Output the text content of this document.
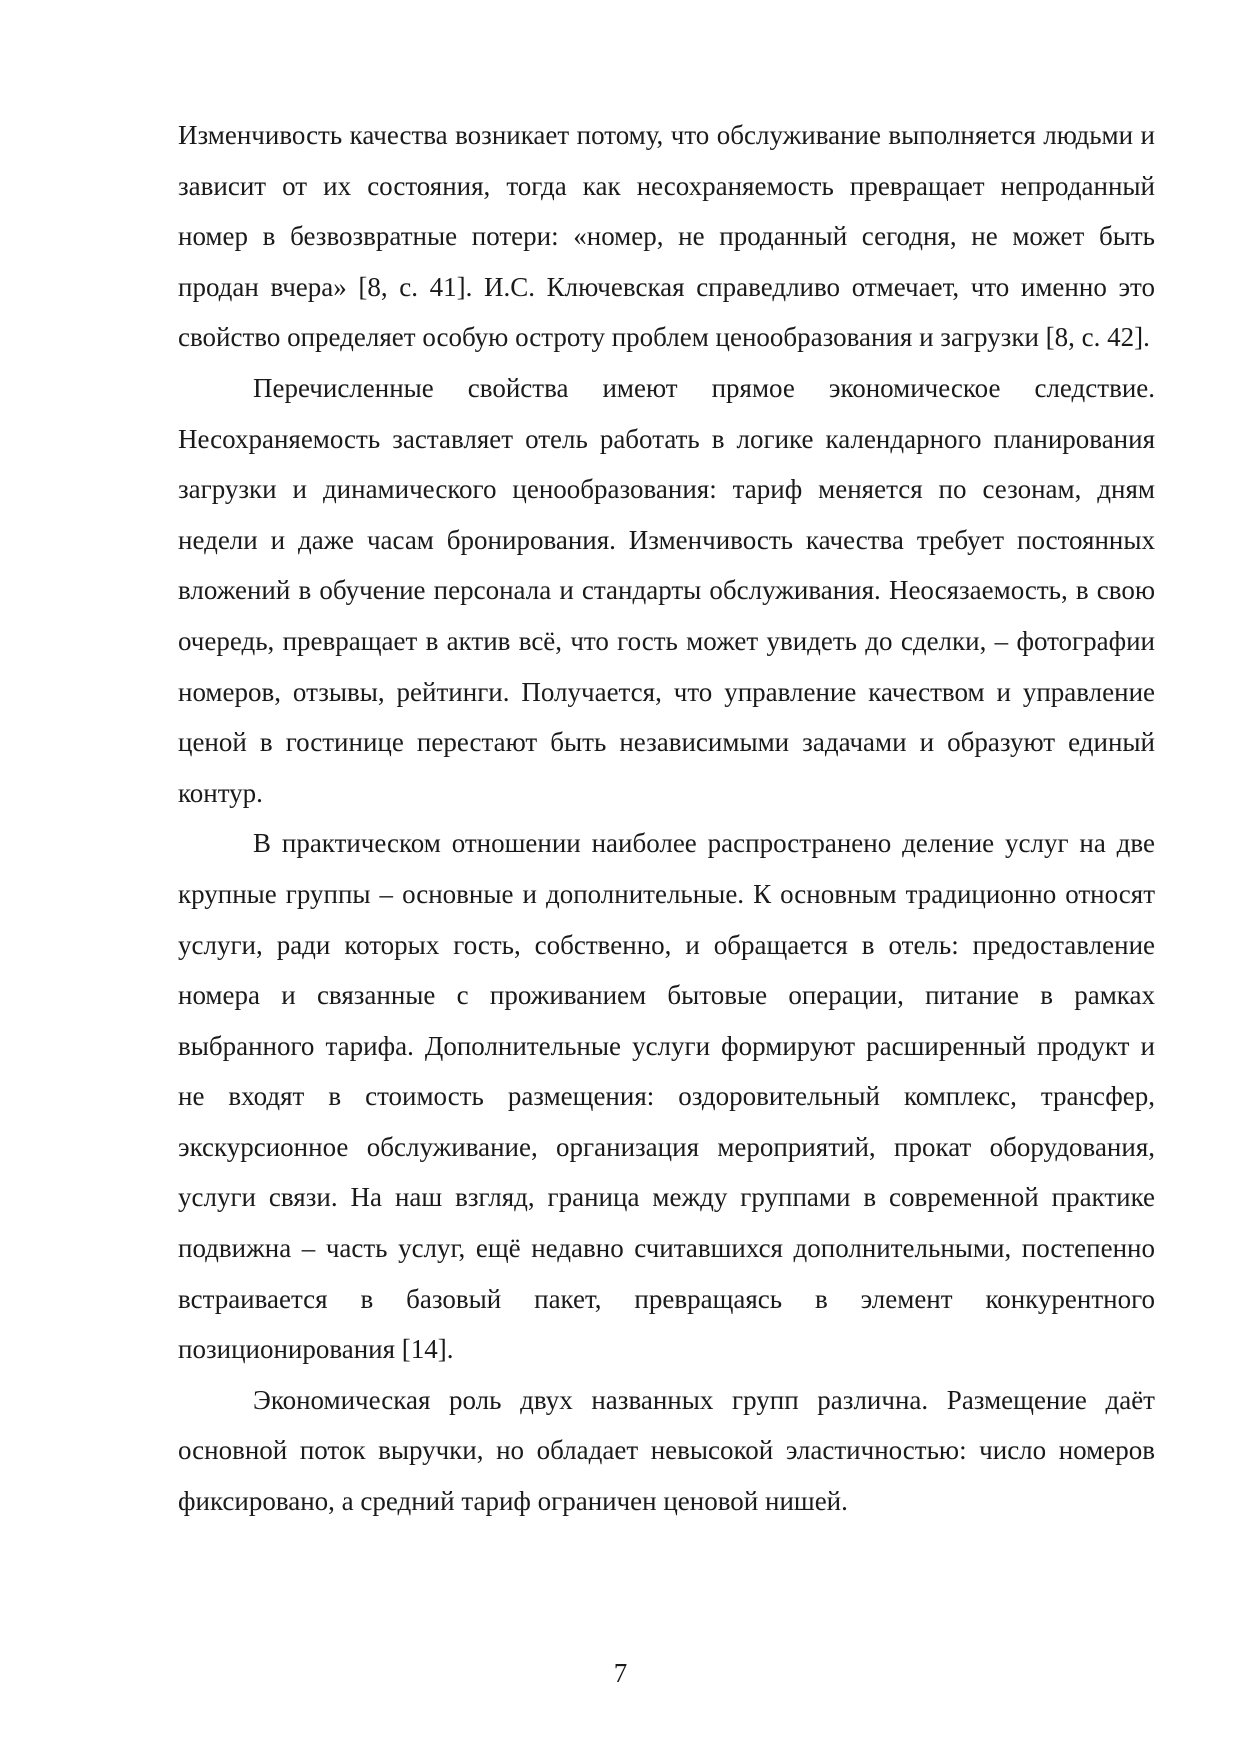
Изменчивость качества возникает потому, что обслуживание выполняется людьми и зависит от их состояния, тогда как несохраняемость превращает непроданный номер в безвозвратные потери: «номер, не проданный сегодня, не может быть продан вчера» [8, с. 41]. И.С. Ключевская справедливо отмечает, что именно это свойство определяет особую остроту проблем ценообразования и загрузки [8, с. 42].

Перечисленные свойства имеют прямое экономическое следствие. Несохраняемость заставляет отель работать в логике календарного планирования загрузки и динамического ценообразования: тариф меняется по сезонам, дням недели и даже часам бронирования. Изменчивость качества требует постоянных вложений в обучение персонала и стандарты обслуживания. Неосязаемость, в свою очередь, превращает в актив всё, что гость может увидеть до сделки, – фотографии номеров, отзывы, рейтинги. Получается, что управление качеством и управление ценой в гостинице перестают быть независимыми задачами и образуют единый контур.

В практическом отношении наиболее распространено деление услуг на две крупные группы – основные и дополнительные. К основным традиционно относят услуги, ради которых гость, собственно, и обращается в отель: предоставление номера и связанные с проживанием бытовые операции, питание в рамках выбранного тарифа. Дополнительные услуги формируют расширенный продукт и не входят в стоимость размещения: оздоровительный комплекс, трансфер, экскурсионное обслуживание, организация мероприятий, прокат оборудования, услуги связи. На наш взгляд, граница между группами в современной практике подвижна – часть услуг, ещё недавно считавшихся дополнительными, постепенно встраивается в базовый пакет, превращаясь в элемент конкурентного позиционирования [14].

Экономическая роль двух названных групп различна. Размещение даёт основной поток выручки, но обладает невысокой эластичностью: число номеров фиксировано, а средний тариф ограничен ценовой нишей.

7
